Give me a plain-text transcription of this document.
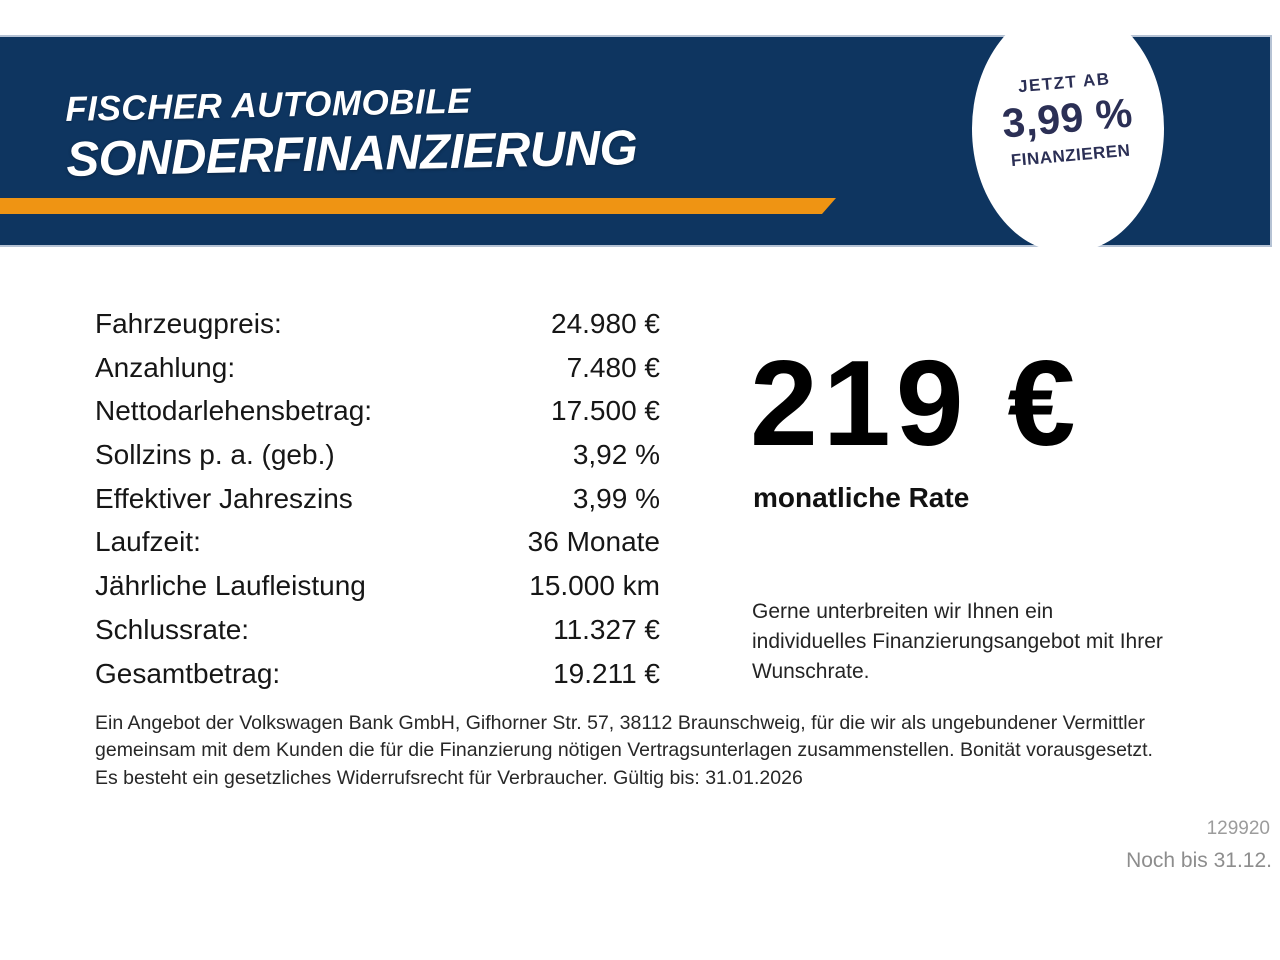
FISCHER AUTOMOBILE
SONDERFINANZIERUNG
JETZT AB
3,99 %
FINANZIEREN
Fahrzeugpreis:	24.980 €
Anzahlung:	7.480 €
Nettodarlehensbetrag:	17.500 €
Sollzins p. a. (geb.)	3,92 %
Effektiver Jahreszins	3,99 %
Laufzeit:	36 Monate
Jährliche Laufleistung	15.000 km
Schlussrate:	11.327 €
Gesamtbetrag:	19.211 €
219 €
monatliche Rate
Gerne unterbreiten wir Ihnen ein individuelles Finanzierungsangebot mit Ihrer Wunschrate.
Ein Angebot der Volkswagen Bank GmbH, Gifhorner Str. 57, 38112 Braunschweig, für die wir als ungebundener Vermittler gemeinsam mit dem Kunden die für die Finanzierung nötigen Vertragsunterlagen zusammenstellen. Bonität vorausgesetzt. Es besteht ein gesetzliches Widerrufsrecht für Verbraucher. Gültig bis: 31.01.2026
129920
Noch bis 31.12.
